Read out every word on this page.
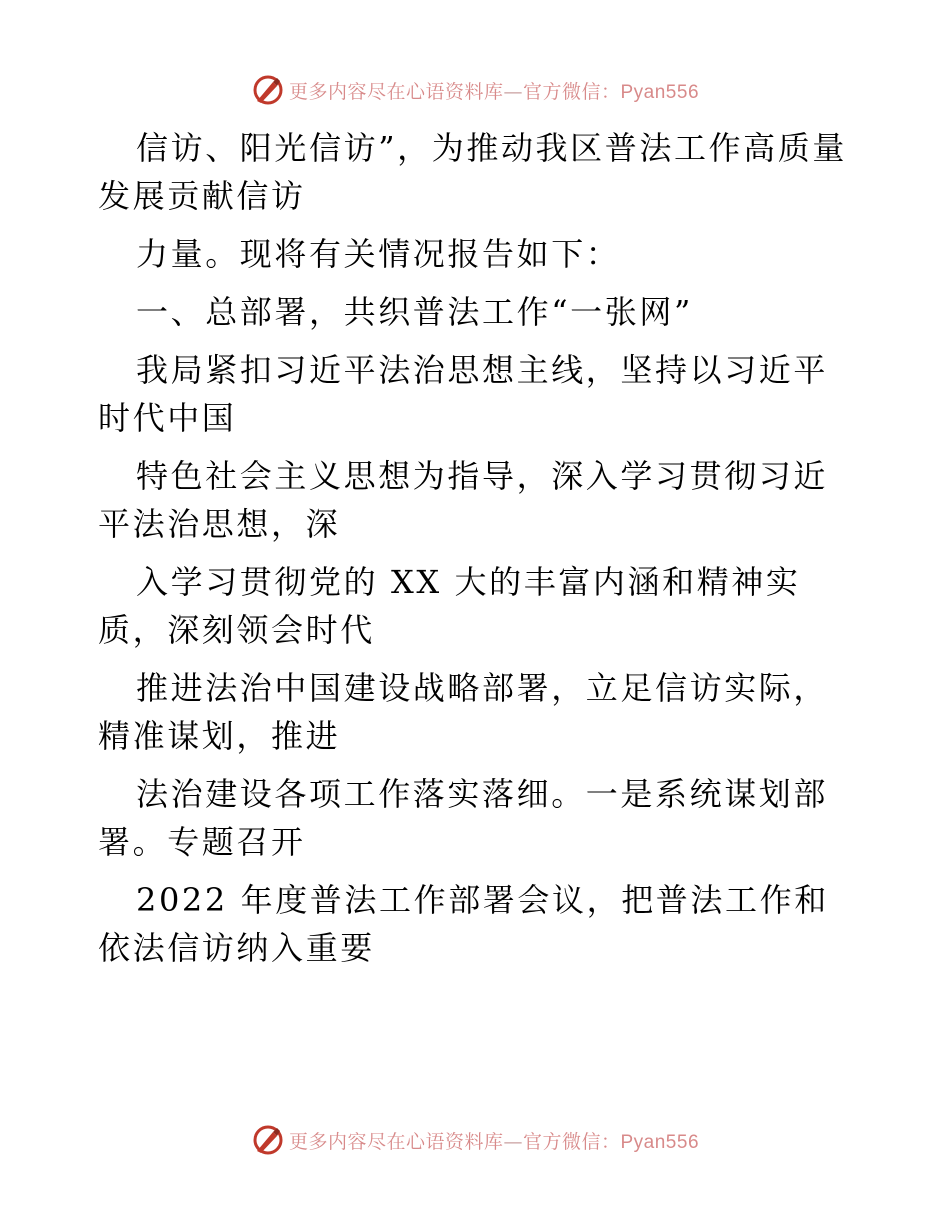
更多内容尽在心语资料库—官方微信：Pyan556

信访、阳光信访”，为推动我区普法工作高质量发展贡献信访

力量。现将有关情况报告如下：

一、总部署，共织普法工作“一张网”

我局紧扣习近平法治思想主线，坚持以习近平时代中国

特色社会主义思想为指导，深入学习贯彻习近平法治思想，深

入学习贯彻党的 XX 大的丰富内涵和精神实质，深刻领会时代

推进法治中国建设战略部署，立足信访实际，精准谋划，推进

法治建设各项工作落实落细。一是系统谋划部署。专题召开

2022 年度普法工作部署会议，把普法工作和依法信访纳入重要

更多内容尽在心语资料库—官方微信：Pyan556
